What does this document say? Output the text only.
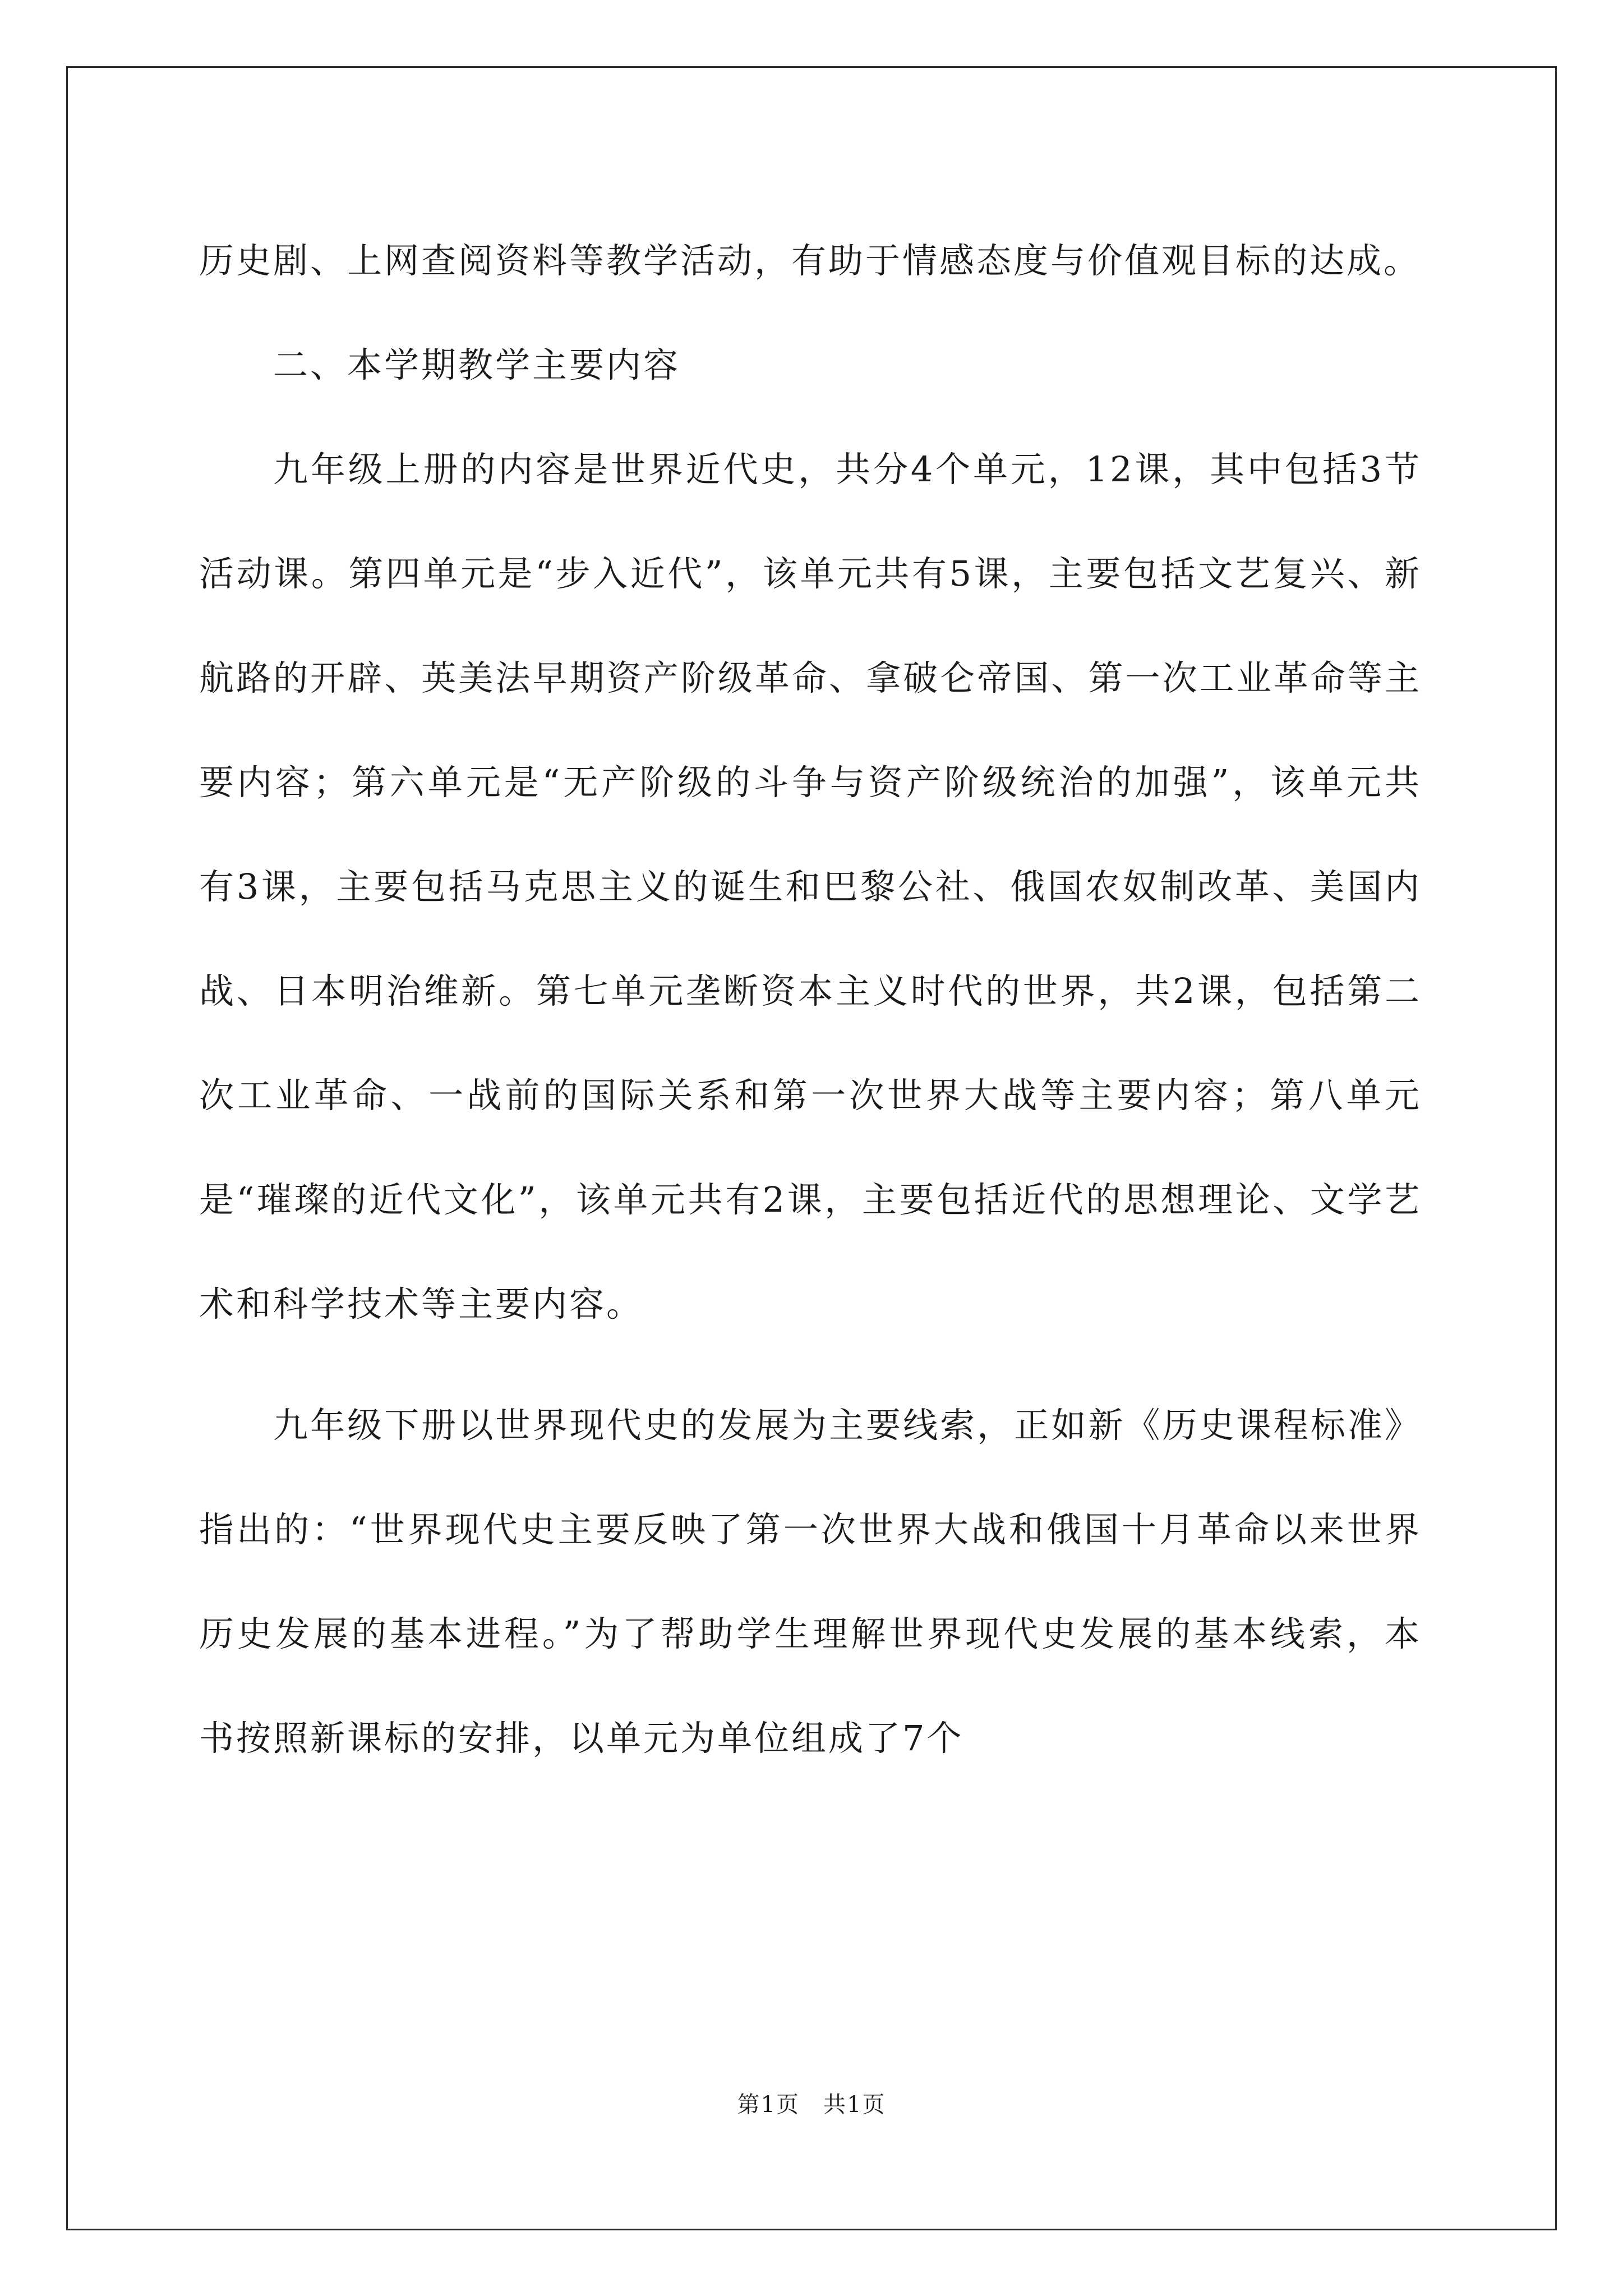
历史剧、上网查阅资料等教学活动，有助于情感态度与价值观目标的达成。

二、本学期教学主要内容

九年级上册的内容是世界近代史，共分4个单元，12课，其中包括3节活动课。第四单元是“步入近代”，该单元共有5课，主要包括文艺复兴、新航路的开辟、英美法早期资产阶级革命、拿破仑帝国、第一次工业革命等主要内容；第六单元是“无产阶级的斗争与资产阶级统治的加强”，该单元共有3课，主要包括马克思主义的诞生和巴黎公社、俄国农奴制改革、美国内战、日本明治维新。第七单元垄断资本主义时代的世界，共2课，包括第二次工业革命、一战前的国际关系和第一次世界大战等主要内容；第八单元是“璀璨的近代文化”，该单元共有2课，主要包括近代的思想理论、文学艺术和科学技术等主要内容。

九年级下册以世界现代史的发展为主要线索，正如新《历史课程标准》指出的：“世界现代史主要反映了第一次世界大战和俄国十月革命以来世界历史发展的基本进程。”为了帮助学生理解世界现代史发展的基本线索，本书按照新课标的安排，以单元为单位组成了7个

第1页　共1页
